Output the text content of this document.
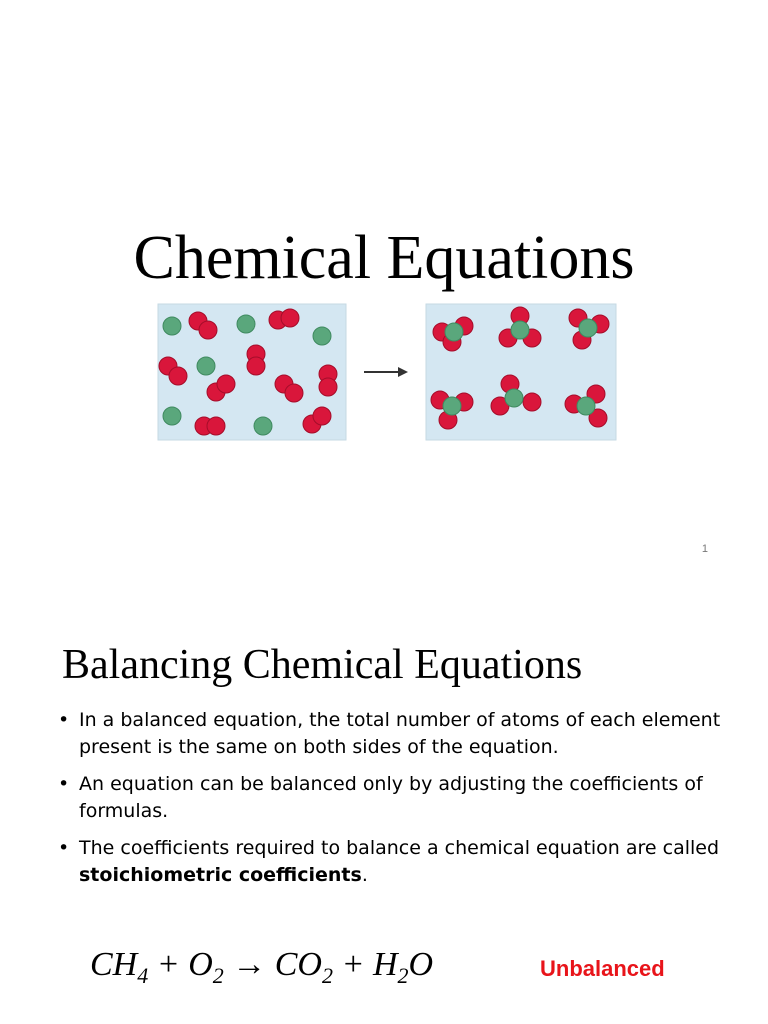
Chemical Equations
1
Balancing Chemical Equations
• In a balanced equation, the total number of atoms of each element present is the same on both sides of the equation.
• An equation can be balanced only by adjusting the coefficients of formulas.
• The coefficients required to balance a chemical equation are called stoichiometric coefficients.
$CH_4 + O_2 \to CO_2 + H_2O$	Unbalanced
